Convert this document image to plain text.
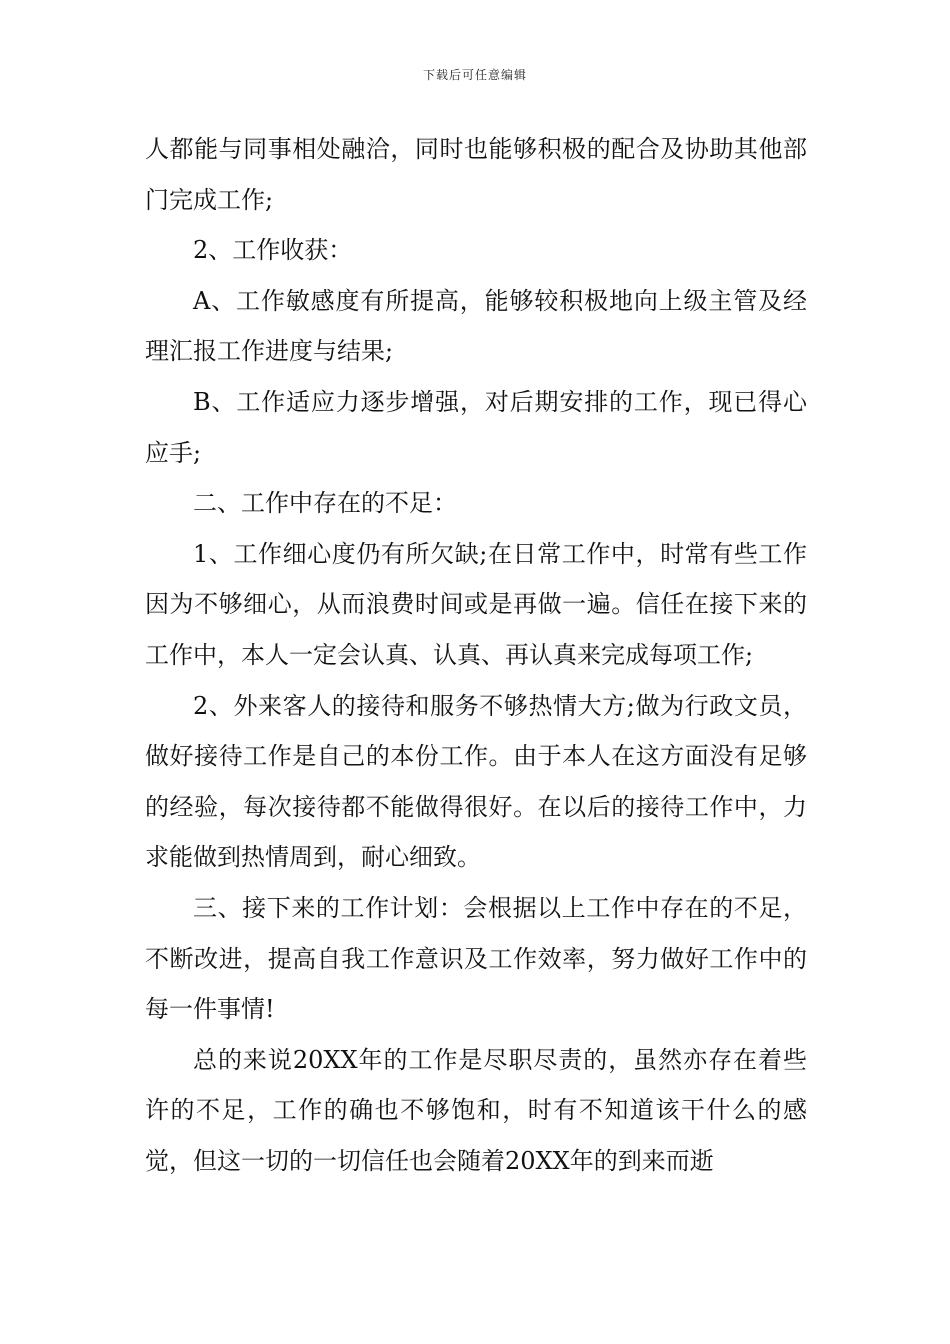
下载后可任意编辑

人都能与同事相处融洽，同时也能够积极的配合及协助其他部门完成工作;

2、工作收获：

A、工作敏感度有所提高，能够较积极地向上级主管及经理汇报工作进度与结果;

B、工作适应力逐步增强，对后期安排的工作，现已得心应手;

二、工作中存在的不足：

1、工作细心度仍有所欠缺;在日常工作中，时常有些工作因为不够细心，从而浪费时间或是再做一遍。信任在接下来的工作中，本人一定会认真、认真、再认真来完成每项工作;

2、外来客人的接待和服务不够热情大方;做为行政文员，做好接待工作是自己的本份工作。由于本人在这方面没有足够的经验，每次接待都不能做得很好。在以后的接待工作中，力求能做到热情周到，耐心细致。

三、接下来的工作计划：会根据以上工作中存在的不足，不断改进，提高自我工作意识及工作效率，努力做好工作中的每一件事情!

总的来说20XX年的工作是尽职尽责的，虽然亦存在着些许的不足，工作的确也不够饱和，时有不知道该干什么的感觉，但这一切的一切信任也会随着20XX年的到来而逝
